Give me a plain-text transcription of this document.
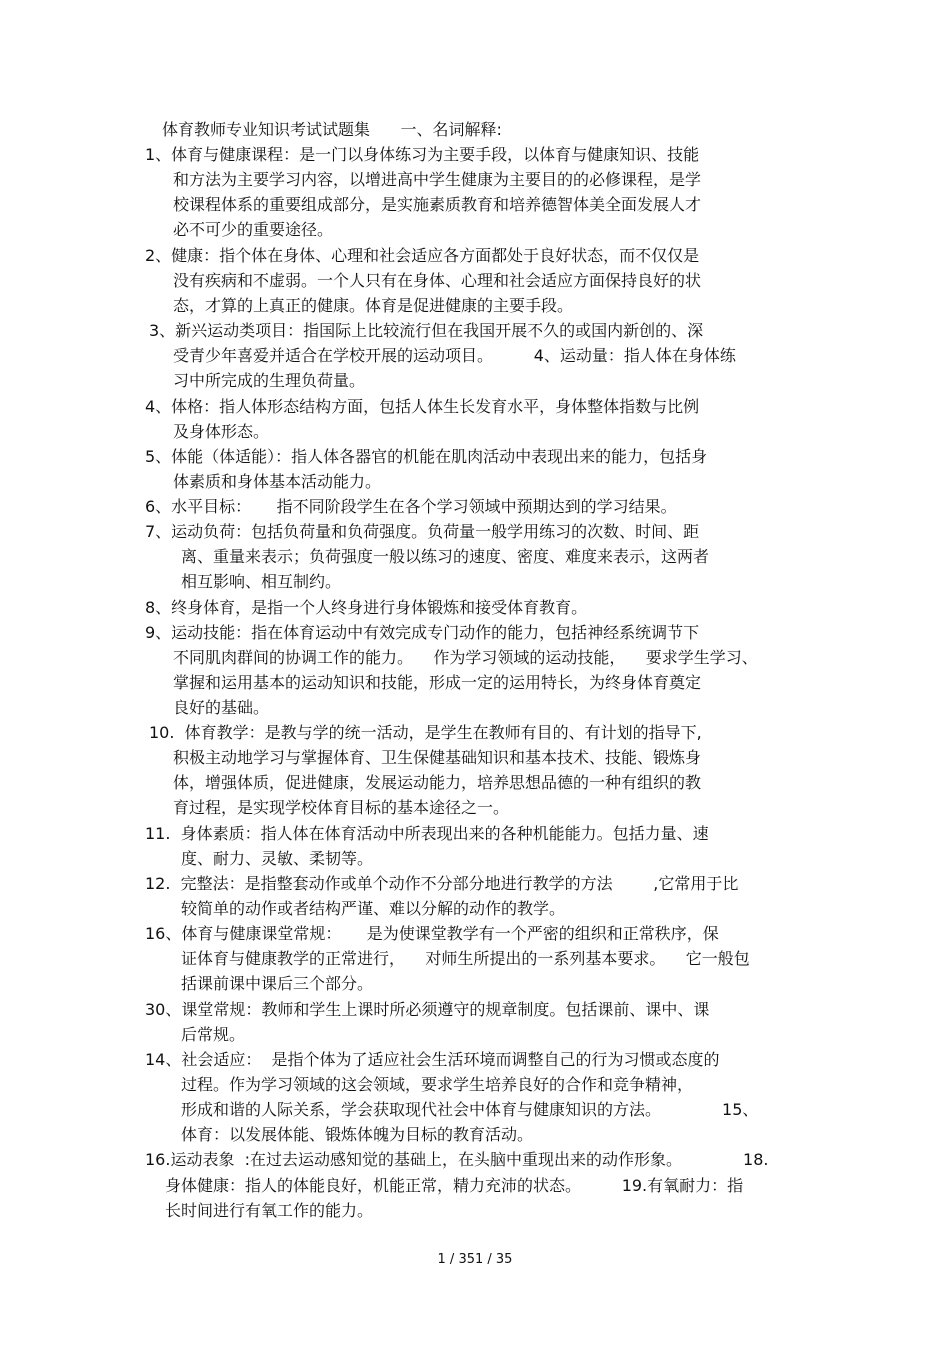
体育教师专业知识考试试题集      一、名词解释:

1、体育与健康课程：是一门以身体练习为主要手段，以体育与健康知识、技能

和方法为主要学习内容，以增进高中学生健康为主要目的的必修课程，是学

校课程体系的重要组成部分，是实施素质教育和培养德智体美全面发展人才

必不可少的重要途径。

2、健康：指个体在身体、心理和社会适应各方面都处于良好状态，而不仅仅是

没有疾病和不虚弱。一个人只有在身体、心理和社会适应方面保持良好的状

态，才算的上真正的健康。体育是促进健康的主要手段。

3、新兴运动类项目：指国际上比较流行但在我国开展不久的或国内新创的、深

受青少年喜爱并适合在学校开展的运动项目。        4、运动量：指人体在身体练

习中所完成的生理负荷量。

4、体格：指人体形态结构方面，包括人体生长发育水平，身体整体指数与比例

及身体形态。

5、体能（体适能）：指人体各器官的机能在肌肉活动中表现出来的能力，包括身

体素质和身体基本活动能力。

6、水平目标：     指不同阶段学生在各个学习领域中预期达到的学习结果。

7、运动负荷：包括负荷量和负荷强度。负荷量一般学用练习的次数、时间、距

离、重量来表示；负荷强度一般以练习的速度、密度、难度来表示，这两者

相互影响、相互制约。

8、终身体育，是指一个人终身进行身体锻炼和接受体育教育。

9、运动技能：指在体育运动中有效完成专门动作的能力，包括神经系统调节下

不同肌肉群间的协调工作的能力。    作为学习领域的运动技能，    要求学生学习、

掌握和运用基本的运动知识和技能，形成一定的运用特长，为终身体育奠定

良好的基础。

10.  体育教学：是教与学的统一活动，是学生在教师有目的、有计划的指导下,

积极主动地学习与掌握体育、卫生保健基础知识和基本技术、技能、锻炼身

体，增强体质，促进健康，发展运动能力，培养思想品德的一种有组织的教

育过程，是实现学校体育目标的基本途径之一。

11.  身体素质：指人体在体育活动中所表现出来的各种机能能力。包括力量、速

度、耐力、灵敏、柔韧等。

12.  完整法：是指整套动作或单个动作不分部分地进行教学的方法        ,它常用于比

较简单的动作或者结构严谨、难以分解的动作的教学。

16、体育与健康课堂常规：     是为使课堂教学有一个严密的组织和正常秩序，保

证体育与健康教学的正常进行，    对师生所提出的一系列基本要求。    它一般包

括课前课中课后三个部分。

30、课堂常规：教师和学生上课时所必须遵守的规章制度。包括课前、课中、课

后常规。

14、社会适应：  是指个体为了适应社会生活环境而调整自己的行为习惯或态度的

过程。作为学习领域的这会领域，要求学生培养良好的合作和竞争精神，

形成和谐的人际关系，学会获取现代社会中体育与健康知识的方法。            15、

体育：以发展体能、锻炼体魄为目标的教育活动。

16.运动表象  :在过去运动感知觉的基础上，在头脑中重现出来的动作形象。            18.

身体健康：指人的体能良好，机能正常，精力充沛的状态。        19.有氧耐力：指

长时间进行有氧工作的能力。

1 / 351 / 35
